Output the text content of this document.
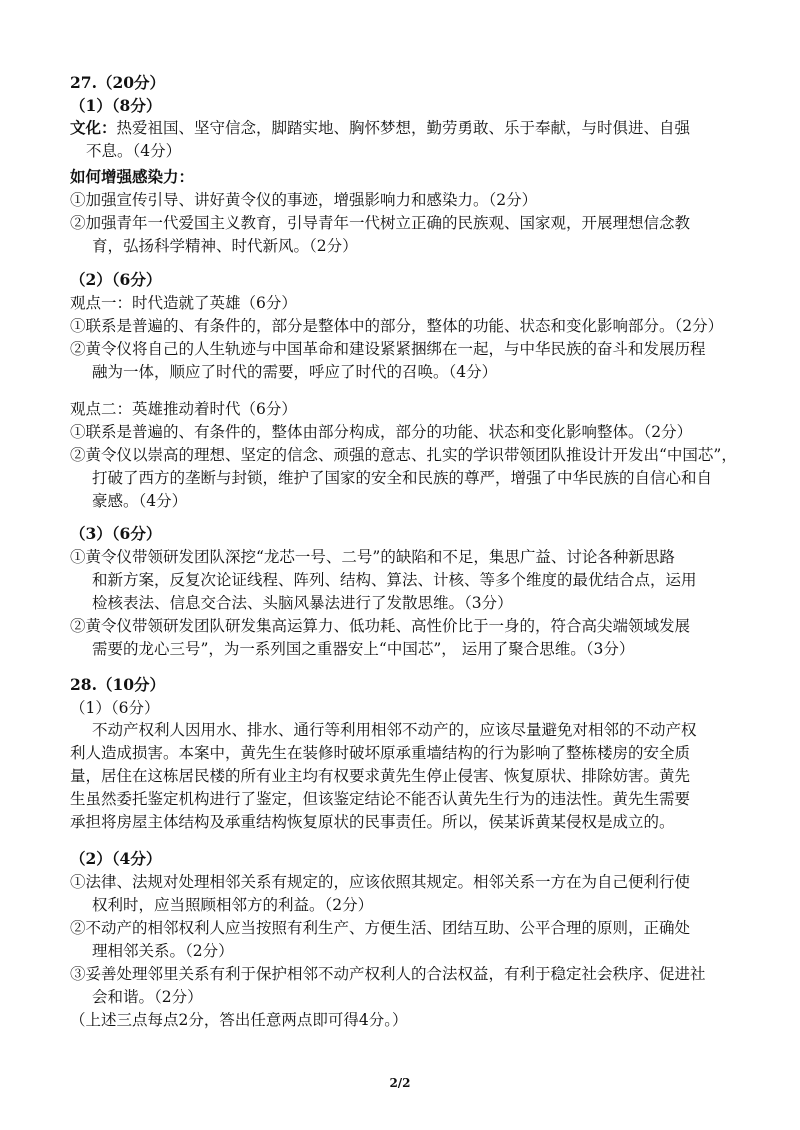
27.（20分）
（1）（8分）
文化：热爱祖国、坚守信念，脚踏实地、胸怀梦想，勤劳勇敢、乐于奉献，与时俱进、自强
不息。（4分）
如何增强感染力：
①加强宣传引导、讲好黄令仪的事迹，增强影响力和感染力。（2分）
②加强青年一代爱国主义教育，引导青年一代树立正确的民族观、国家观，开展理想信念教
育，弘扬科学精神、时代新风。（2分）
（2）（6分）
观点一：时代造就了英雄（6分）
①联系是普遍的、有条件的，部分是整体中的部分，整体的功能、状态和变化影响部分。（2分）
②黄令仪将自己的人生轨迹与中国革命和建设紧紧捆绑在一起，与中华民族的奋斗和发展历程
融为一体，顺应了时代的需要，呼应了时代的召唤。（4分）
观点二：英雄推动着时代（6分）
①联系是普遍的、有条件的，整体由部分构成，部分的功能、状态和变化影响整体。（2分）
②黄令仪以崇高的理想、坚定的信念、顽强的意志、扎实的学识带领团队推设计开发出“中国芯”，
打破了西方的垄断与封锁，维护了国家的安全和民族的尊严，增强了中华民族的自信心和自
豪感。（4分）
（3）（6分）
①黄令仪带领研发团队深挖“龙芯一号、二号”的缺陷和不足，集思广益、讨论各种新思路
和新方案，反复次论证线程、阵列、结构、算法、计核、等多个维度的最优结合点，运用
检核表法、信息交合法、头脑风暴法进行了发散思维。（3分）
②黄令仪带领研发团队研发集高运算力、低功耗、高性价比于一身的，符合高尖端领域发展
需要的龙心三号”，为一系列国之重器安上“中国芯”， 运用了聚合思维。（3分）
28.（10分）
（1）（6分）
不动产权利人因用水、排水、通行等利用相邻不动产的，应该尽量避免对相邻的不动产权
利人造成损害。本案中，黄先生在装修时破坏原承重墙结构的行为影响了整栋楼房的安全质
量，居住在这栋居民楼的所有业主均有权要求黄先生停止侵害、恢复原状、排除妨害。黄先
生虽然委托鉴定机构进行了鉴定，但该鉴定结论不能否认黄先生行为的违法性。黄先生需要
承担将房屋主体结构及承重结构恢复原状的民事责任。所以，侯某诉黄某侵权是成立的。
（2）（4分）
①法律、法规对处理相邻关系有规定的，应该依照其规定。相邻关系一方在为自己便利行使
权利时，应当照顾相邻方的利益。（2分）
②不动产的相邻权利人应当按照有利生产、方便生活、团结互助、公平合理的原则，正确处
理相邻关系。（2分）
③妥善处理邻里关系有利于保护相邻不动产权利人的合法权益，有利于稳定社会秩序、促进社
会和谐。（2分）
（上述三点每点2分，答出任意两点即可得4分。）
2/2
